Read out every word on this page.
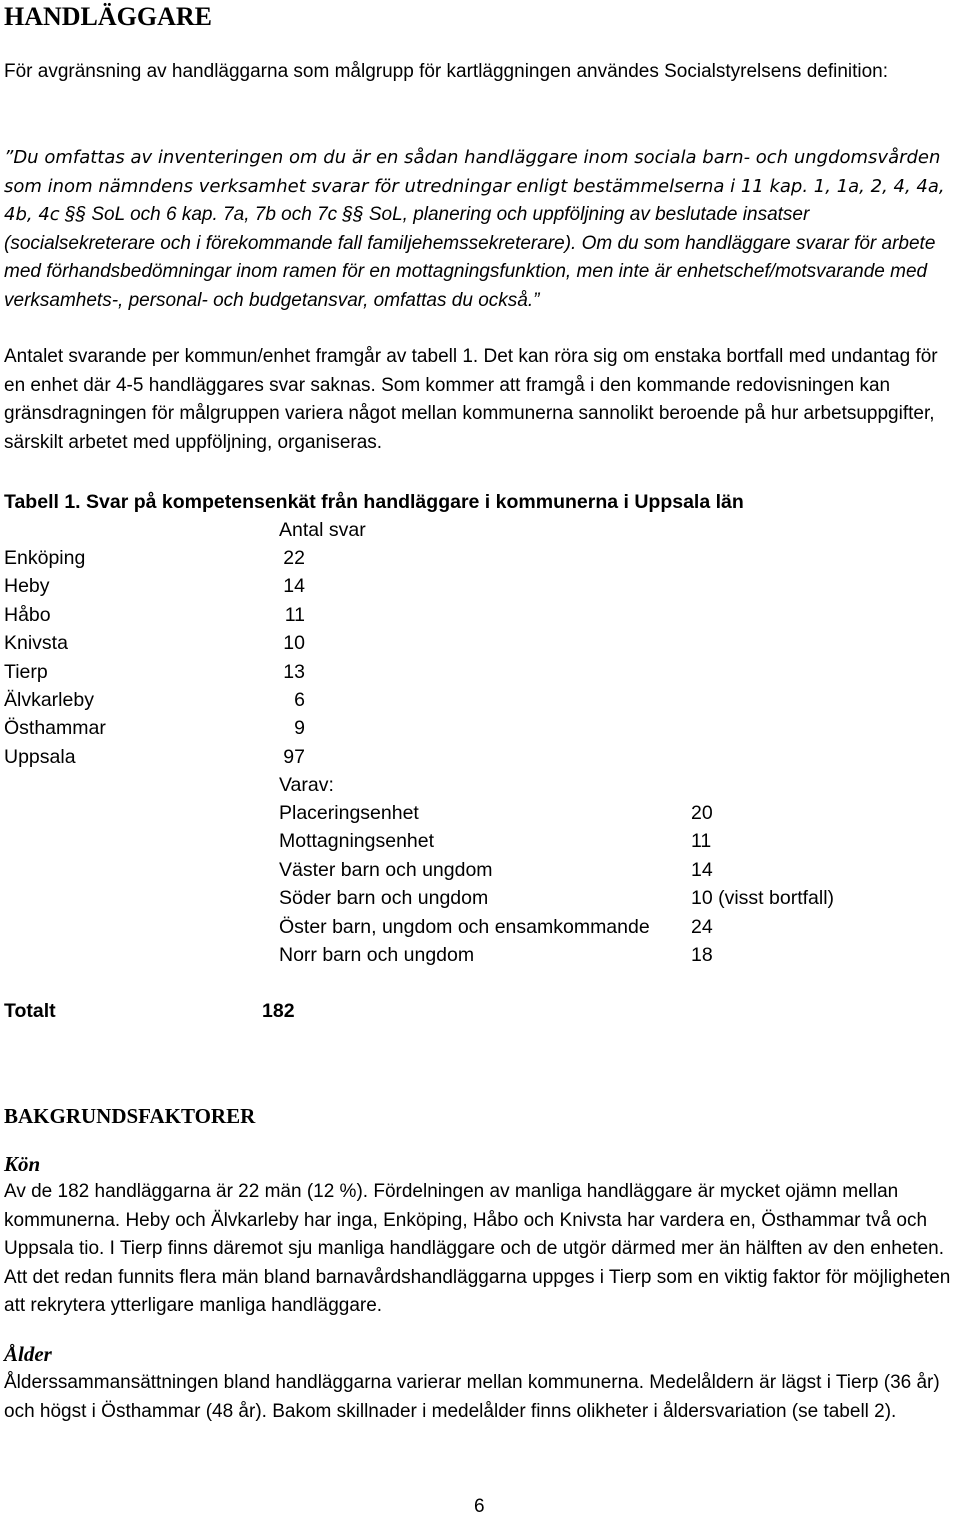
HANDLÄGGARE
För avgränsning av handläggarna som målgrupp för kartläggningen användes Socialstyrelsens definition:
”Du omfattas av inventeringen om du är en sådan handläggare inom sociala barn- och ungdomsvården som inom nämndens verksamhet svarar för utredningar enligt bestämmelserna i 11 kap. 1, 1a, 2, 4, 4a, 4b, 4c §§ SoL och 6 kap. 7a, 7b och 7c §§ SoL, planering och uppföljning av beslutade insatser (socialsekreterare och i förekommande fall familjehemssekreterare). Om du som handläggare svarar för arbete med förhandsbedömningar inom ramen för en mottagningsfunktion, men inte är enhetschef/motsvarande med verksamhets-, personal- och budgetansvar, omfattas du också.”
Antalet svarande per kommun/enhet framgår av tabell 1. Det kan röra sig om enstaka bortfall med undantag för en enhet där 4-5 handläggares svar saknas. Som kommer att framgå i den kommande redovisningen kan gränsdragningen för målgruppen variera något mellan kommunerna sannolikt beroende på hur arbetsuppgifter, särskilt arbetet med uppföljning, organiseras.
Tabell 1. Svar på kompetensenkät från handläggare i kommunerna i Uppsala län
Antal svar
Enköping	22
Heby	14
Håbo	11
Knivsta	10
Tierp	13
Älvkarleby	6
Östhammar	9
Uppsala	97
Varav:
Placeringsenhet	20
Mottagningsenhet	11
Väster barn och ungdom	14
Söder barn och ungdom	10 (visst bortfall)
Öster barn, ungdom och ensamkommande 24
Norr barn och ungdom	18
Totalt	182
BAKGRUNDSFAKTORER
Kön
Av de 182 handläggarna är 22 män (12 %). Fördelningen av manliga handläggare är mycket ojämn mellan kommunerna. Heby och Älvkarleby har inga, Enköping, Håbo och Knivsta har vardera en, Östhammar två och Uppsala tio. I Tierp finns däremot sju manliga handläggare och de utgör därmed mer än hälften av den enheten. Att det redan funnits flera män bland barnavårdshandläggarna uppges i Tierp som en viktig faktor för möjligheten att rekrytera ytterligare manliga handläggare.
Ålder
Ålderssammansättningen bland handläggarna varierar mellan kommunerna. Medelåldern är lägst i Tierp (36 år) och högst i Östhammar (48 år). Bakom skillnader i medelålder finns olikheter i åldersvariation (se tabell 2).
6
